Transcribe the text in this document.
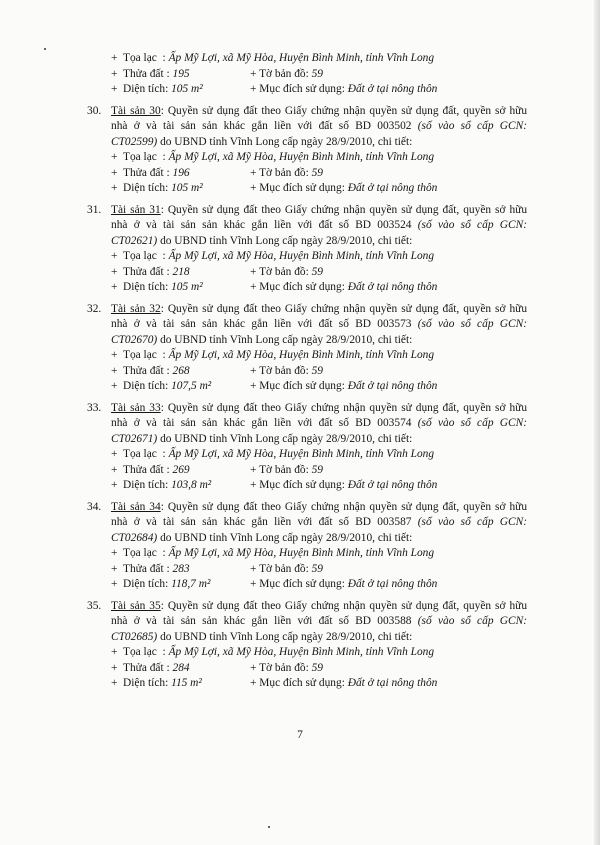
+ Tọa lạc  : Ấp Mỹ Lợi, xã Mỹ Hòa, Huyện Bình Minh, tỉnh Vĩnh Long
+ Thửa đất : 195	+ Tờ bản đồ: 59
+ Diện tích: 105 m²	+ Mục đích sử dụng: Đất ở tại nông thôn
30. Tài sản 30: Quyền sử dụng đất theo Giấy chứng nhận quyền sử dụng đất, quyền sở hữu
nhà ở và tài sản sản khác gắn liền với đất số BD 003502 (số vào sổ cấp GCN:
CT02599) do UBND tỉnh Vĩnh Long cấp ngày 28/9/2010, chi tiết:
+ Tọa lạc  : Ấp Mỹ Lợi, xã Mỹ Hòa, Huyện Bình Minh, tỉnh Vĩnh Long
+ Thửa đất : 196	+ Tờ bản đồ: 59
+ Diện tích: 105 m²	+ Mục đích sử dụng: Đất ở tại nông thôn
31. Tài sản 31: Quyền sử dụng đất theo Giấy chứng nhận quyền sử dụng đất, quyền sở hữu
nhà ở và tài sản sản khác gắn liền với đất số BD 003524 (số vào sổ cấp GCN:
CT02621) do UBND tỉnh Vĩnh Long cấp ngày 28/9/2010, chi tiết:
+ Tọa lạc  : Ấp Mỹ Lợi, xã Mỹ Hòa, Huyện Bình Minh, tỉnh Vĩnh Long
+ Thửa đất : 218	+ Tờ bản đồ: 59
+ Diện tích: 105 m²	+ Mục đích sử dụng: Đất ở tại nông thôn
32. Tài sản 32: Quyền sử dụng đất theo Giấy chứng nhận quyền sử dụng đất, quyền sở hữu
nhà ở và tài sản sản khác gắn liền với đất số BD 003573 (số vào sổ cấp GCN:
CT02670) do UBND tỉnh Vĩnh Long cấp ngày 28/9/2010, chi tiết:
+ Tọa lạc  : Ấp Mỹ Lợi, xã Mỹ Hòa, Huyện Bình Minh, tỉnh Vĩnh Long
+ Thửa đất : 268	+ Tờ bản đồ: 59
+ Diện tích: 107,5 m²	+ Mục đích sử dụng: Đất ở tại nông thôn
33. Tài sản 33: Quyền sử dụng đất theo Giấy chứng nhận quyền sử dụng đất, quyền sở hữu
nhà ở và tài sản sản khác gắn liền với đất số BD 003574 (số vào sổ cấp GCN:
CT02671) do UBND tỉnh Vĩnh Long cấp ngày 28/9/2010, chi tiết:
+ Tọa lạc  : Ấp Mỹ Lợi, xã Mỹ Hòa, Huyện Bình Minh, tỉnh Vĩnh Long
+ Thửa đất : 269	+ Tờ bản đồ: 59
+ Diện tích: 103,8 m²	+ Mục đích sử dụng: Đất ở tại nông thôn
34. Tài sản 34: Quyền sử dụng đất theo Giấy chứng nhận quyền sử dụng đất, quyền sở hữu
nhà ở và tài sản sản khác gắn liền với đất số BD 003587 (số vào sổ cấp GCN:
CT02684) do UBND tỉnh Vĩnh Long cấp ngày 28/9/2010, chi tiết:
+ Tọa lạc  : Ấp Mỹ Lợi, xã Mỹ Hòa, Huyện Bình Minh, tỉnh Vĩnh Long
+ Thửa đất : 283	+ Tờ bản đồ: 59
+ Diện tích: 118,7 m²	+ Mục đích sử dụng: Đất ở tại nông thôn
35. Tài sản 35: Quyền sử dụng đất theo Giấy chứng nhận quyền sử dụng đất, quyền sở hữu
nhà ở và tài sản sản khác gắn liền với đất số BD 003588 (số vào sổ cấp GCN:
CT02685) do UBND tỉnh Vĩnh Long cấp ngày 28/9/2010, chi tiết:
+ Tọa lạc  : Ấp Mỹ Lợi, xã Mỹ Hòa, Huyện Bình Minh, tỉnh Vĩnh Long
+ Thửa đất : 284	+ Tờ bản đồ: 59
+ Diện tích: 115 m²	+ Mục đích sử dụng: Đất ở tại nông thôn
7
